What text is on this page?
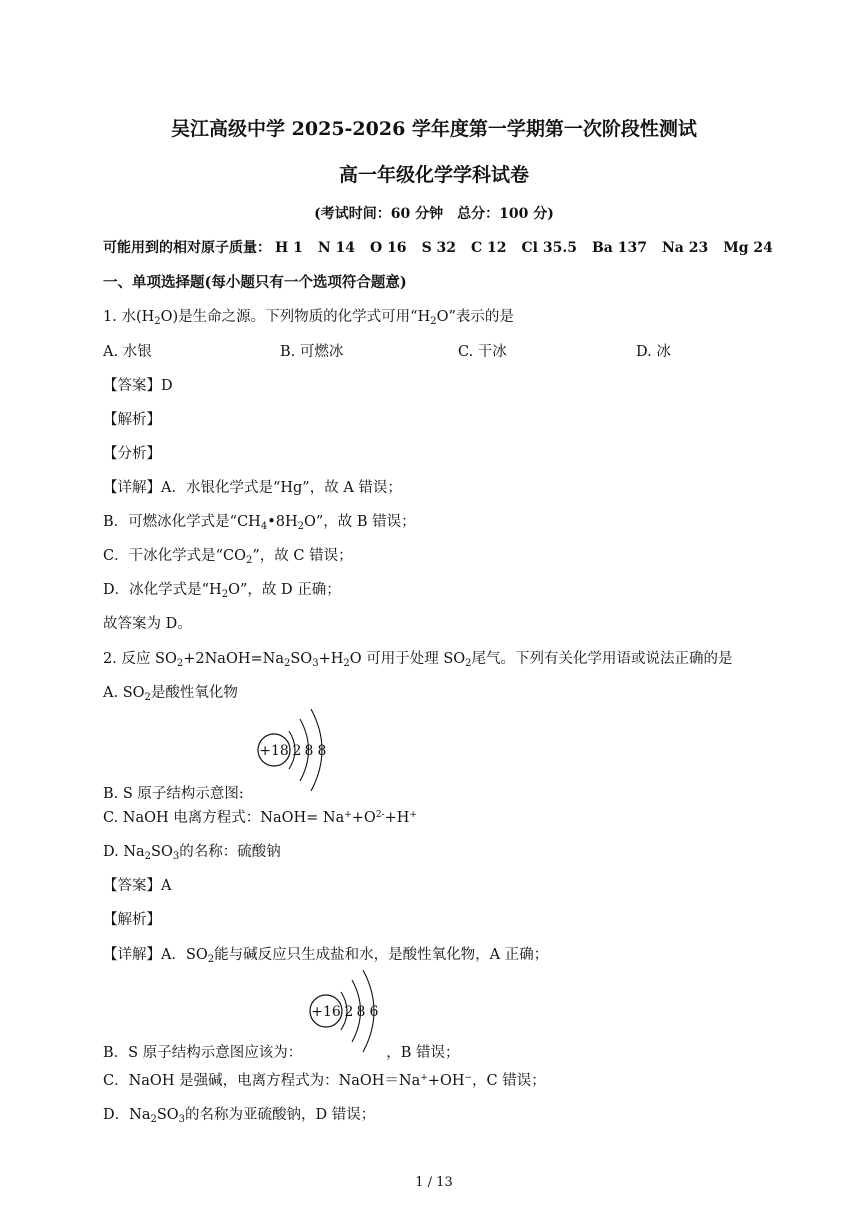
吴江高级中学 2025-2026 学年度第一学期第一次阶段性测试
高一年级化学学科试卷
(考试时间：60 分钟　总分：100 分)
可能用到的相对原子质量： H 1 N 14 O 16 S 32 C 12 Cl 35.5 Ba 137 Na 23 Mg 24
一、单项选择题(每小题只有一个选项符合题意)
1. 水$(H_2O)$是生命之源。下列物质的化学式可用“$H_2O$”表示的是
A. 水银	B. 可燃冰	C. 干冰	D. 冰
【答案】D
【解析】
【分析】
【详解】A．水银化学式是“Hg”，故 A 错误；
B．可燃冰化学式是“$CH_4•8H_2O$”，故 B 错误；
C．干冰化学式是“$CO_2$”，故 C 错误；
D．冰化学式是“$H_2O$”，故 D 正确；
故答案为 D。
2. 反应 $SO_2+2NaOH=Na_2SO_3+H_2O$ 可用于处理 $SO_2$尾气。下列有关化学用语或说法正确的是
A. $SO_2$是酸性氧化物
+18 2 8 8
B. S 原子结构示意图:
C. NaOH 电离方程式：NaOH= $Na^++O^{2-}+H^+$
D. $Na_2SO_3$的名称：硫酸钠
【答案】A
【解析】
【详解】A．$SO_2$能与碱反应只生成盐和水，是酸性氧化物，A 正确；
+16 2 8 6
B．S 原子结构示意图应该为：	，B 错误；
C．NaOH 是强碱，电离方程式为：NaOH＝Na++OH−，C 错误；
D．$Na_2SO_3$的名称为亚硫酸钠，D 错误；
1 / 13
